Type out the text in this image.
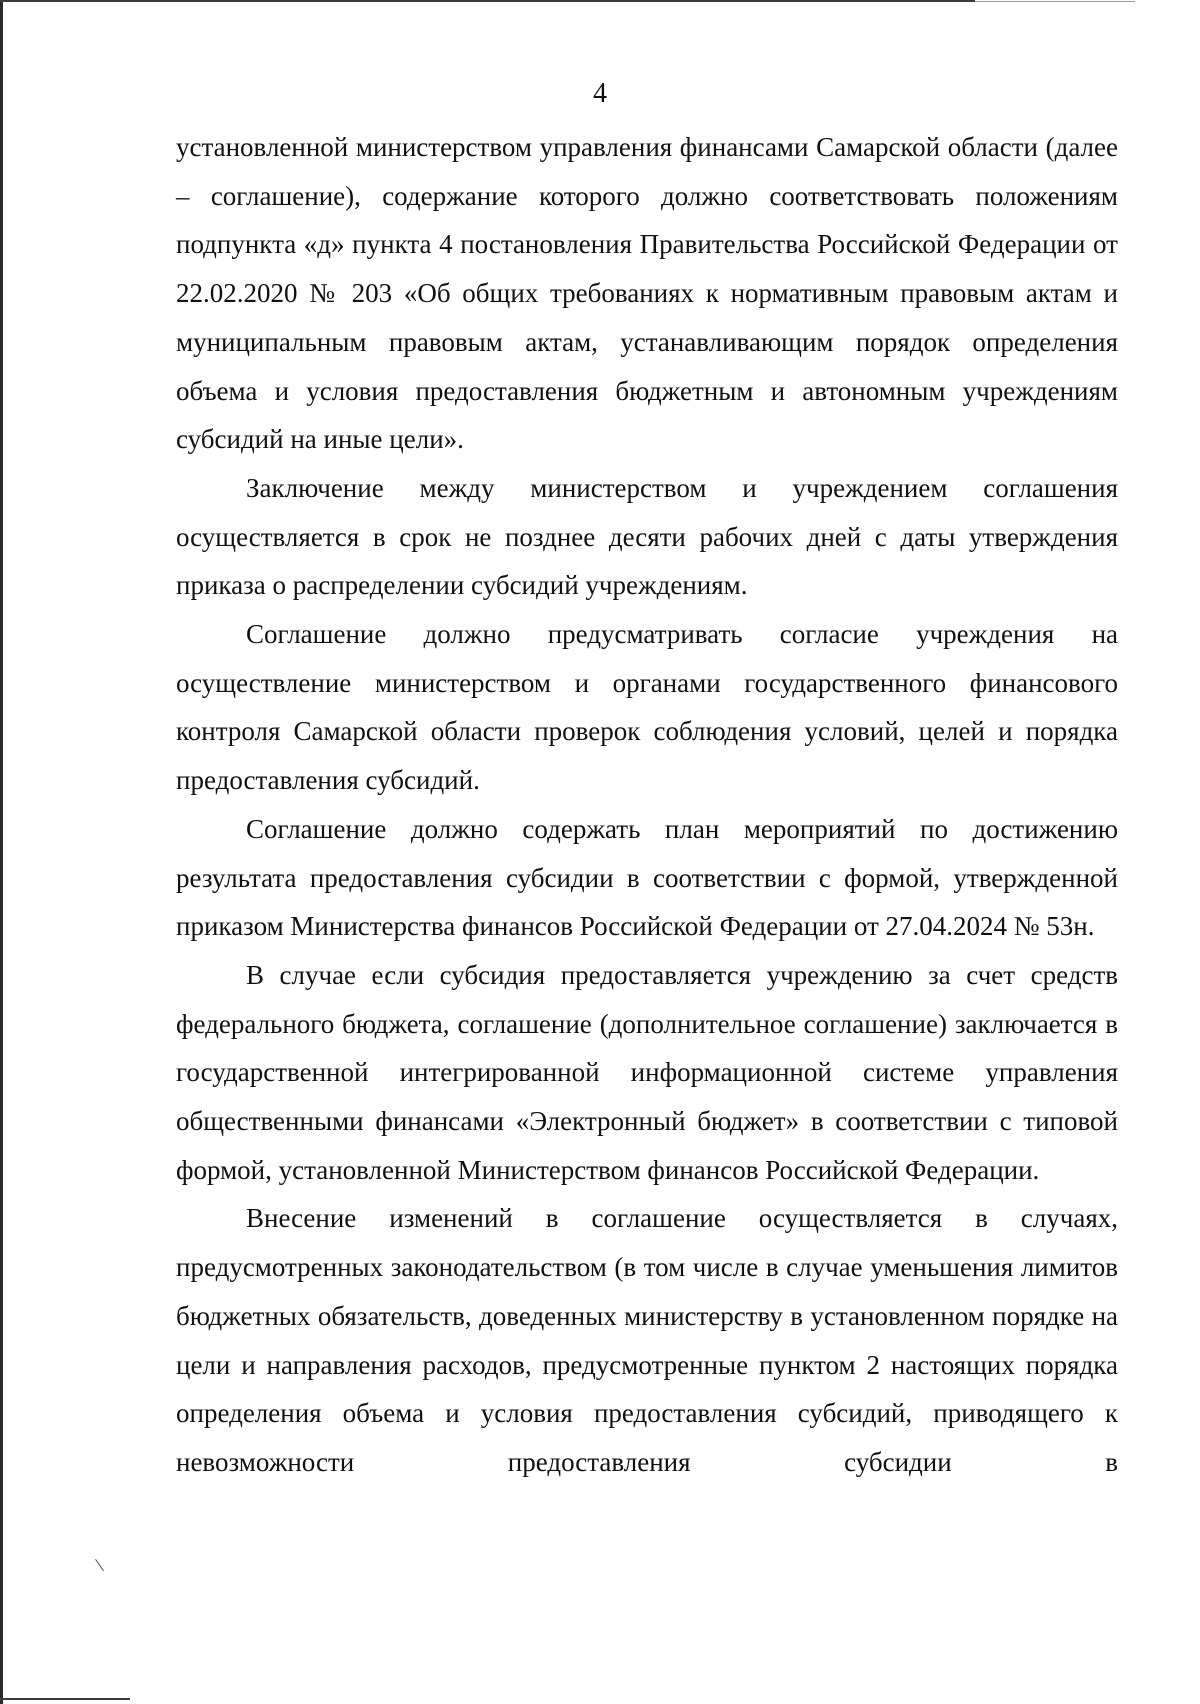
4

установленной министерством управления финансами Самарской области (далее – соглашение), содержание которого должно соответствовать положениям подпункта «д» пункта 4 постановления Правительства Российской Федерации от 22.02.2020 № 203 «Об общих требованиях к нормативным правовым актам и муниципальным правовым актам, устанавливающим порядок определения объема и условия предоставления бюджетным и автономным учреждениям субсидий на иные цели».

Заключение между министерством и учреждением соглашения осуществляется в срок не позднее десяти рабочих дней с даты утверждения приказа о распределении субсидий учреждениям.

Соглашение должно предусматривать согласие учреждения на осуществление министерством и органами государственного финансового контроля Самарской области проверок соблюдения условий, целей и порядка предоставления субсидий.

Соглашение должно содержать план мероприятий по достижению результата предоставления субсидии в соответствии с формой, утвержденной приказом Министерства финансов Российской Федерации от 27.04.2024 № 53н.

В случае если субсидия предоставляется учреждению за счет средств федерального бюджета, соглашение (дополнительное соглашение) заключается в государственной интегрированной информационной системе управления общественными финансами «Электронный бюджет» в соответствии с типовой формой, установленной Министерством финансов Российской Федерации.

Внесение изменений в соглашение осуществляется в случаях, предусмотренных законодательством (в том числе в случае уменьшения лимитов бюджетных обязательств, доведенных министерству в установленном порядке на цели и направления расходов, предусмотренные пунктом 2 настоящих порядка определения объема и условия предоставления субсидий, приводящего к невозможности предоставления субсидии в
